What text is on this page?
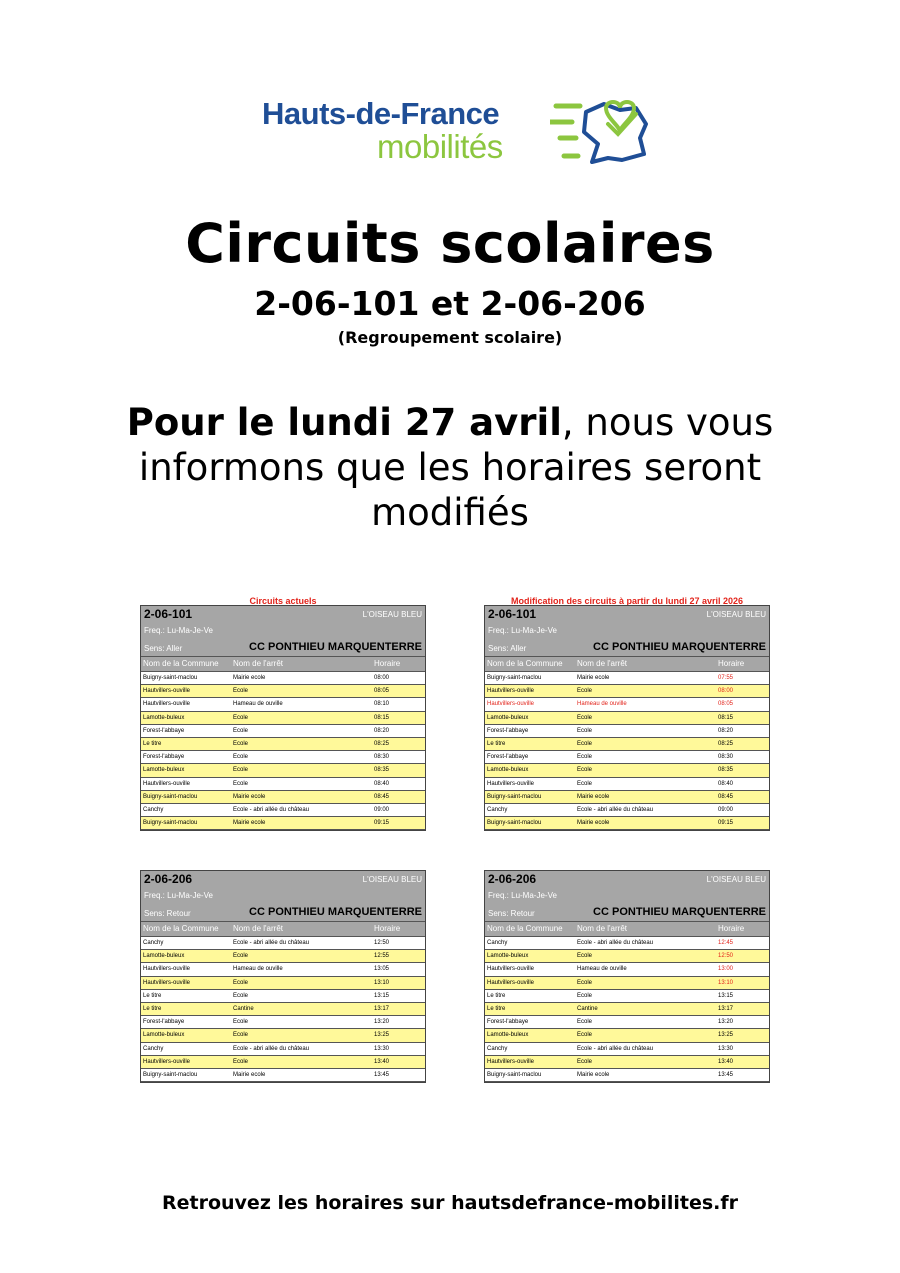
Hauts-de-France
mobilités
Circuits scolaires
2-06-101 et 2-06-206
(Regroupement scolaire)
Pour le lundi 27 avril, nous vous informons que les horaires seront modifiés
Circuits actuels	Modification des circuits à partir du lundi 27 avril 2026
2-06-101	L'OISEAU BLEU
Freq.: Lu-Ma-Je-Ve
Sens: Aller	CC PONTHIEU MARQUENTERRE
Nom de la Commune Nom de l'arrêt	Horaire
Buigny-saint-maclou	Mairie ecole	08:00
Hautvillers-ouville	Ecole	08:05
Hautvillers-ouville	Hameau de ouville	08:10
Lamotte-buleux	Ecole	08:15
Forest-l'abbaye	Ecole	08:20
Le titre	Ecole	08:25
Forest-l'abbaye	Ecole	08:30
Lamotte-buleux	Ecole	08:35
Hautvillers-ouville	Ecole	08:40
Buigny-saint-maclou	Mairie ecole	08:45
Canchy	Ecole - abri allée du château	09:00
Buigny-saint-maclou	Mairie ecole	09:15
2-06-101	L'OISEAU BLEU
Freq.: Lu-Ma-Je-Ve
Sens: Aller	CC PONTHIEU MARQUENTERRE
Nom de la Commune Nom de l'arrêt	Horaire
Buigny-saint-maclou	Mairie ecole	07:55
Hautvillers-ouville	Ecole	08:00
Hautvillers-ouville	Hameau de ouville	08:05
Lamotte-buleux	Ecole	08:15
Forest-l'abbaye	Ecole	08:20
Le titre	Ecole	08:25
Forest-l'abbaye	Ecole	08:30
Lamotte-buleux	Ecole	08:35
Hautvillers-ouville	Ecole	08:40
Buigny-saint-maclou	Mairie ecole	08:45
Canchy	Ecole - abri allée du château	09:00
Buigny-saint-maclou	Mairie ecole	09:15
2-06-206	L'OISEAU BLEU
Freq.: Lu-Ma-Je-Ve
Sens: Retour	CC PONTHIEU MARQUENTERRE
Nom de la Commune Nom de l'arrêt	Horaire
Canchy	Ecole - abri allée du château	12:50
Lamotte-buleux	Ecole	12:55
Hautvillers-ouville	Hameau de ouville	13:05
Hautvillers-ouville	Ecole	13:10
Le titre	Ecole	13:15
Le titre	Cantine	13:17
Forest-l'abbaye	Ecole	13:20
Lamotte-buleux	Ecole	13:25
Canchy	Ecole - abri allée du château	13:30
Hautvillers-ouville	Ecole	13:40
Buigny-saint-maclou	Mairie ecole	13:45
2-06-206	L'OISEAU BLEU
Freq.: Lu-Ma-Je-Ve
Sens: Retour	CC PONTHIEU MARQUENTERRE
Nom de la Commune Nom de l'arrêt	Horaire
Canchy	Ecole - abri allée du château	12:45
Lamotte-buleux	Ecole	12:50
Hautvillers-ouville	Hameau de ouville	13:00
Hautvillers-ouville	Ecole	13:10
Le titre	Ecole	13:15
Le titre	Cantine	13:17
Forest-l'abbaye	Ecole	13:20
Lamotte-buleux	Ecole	13:25
Canchy	Ecole - abri allée du château	13:30
Hautvillers-ouville	Ecole	13:40
Buigny-saint-maclou	Mairie ecole	13:45
Retrouvez les horaires sur hautsdefrance-mobilites.fr
